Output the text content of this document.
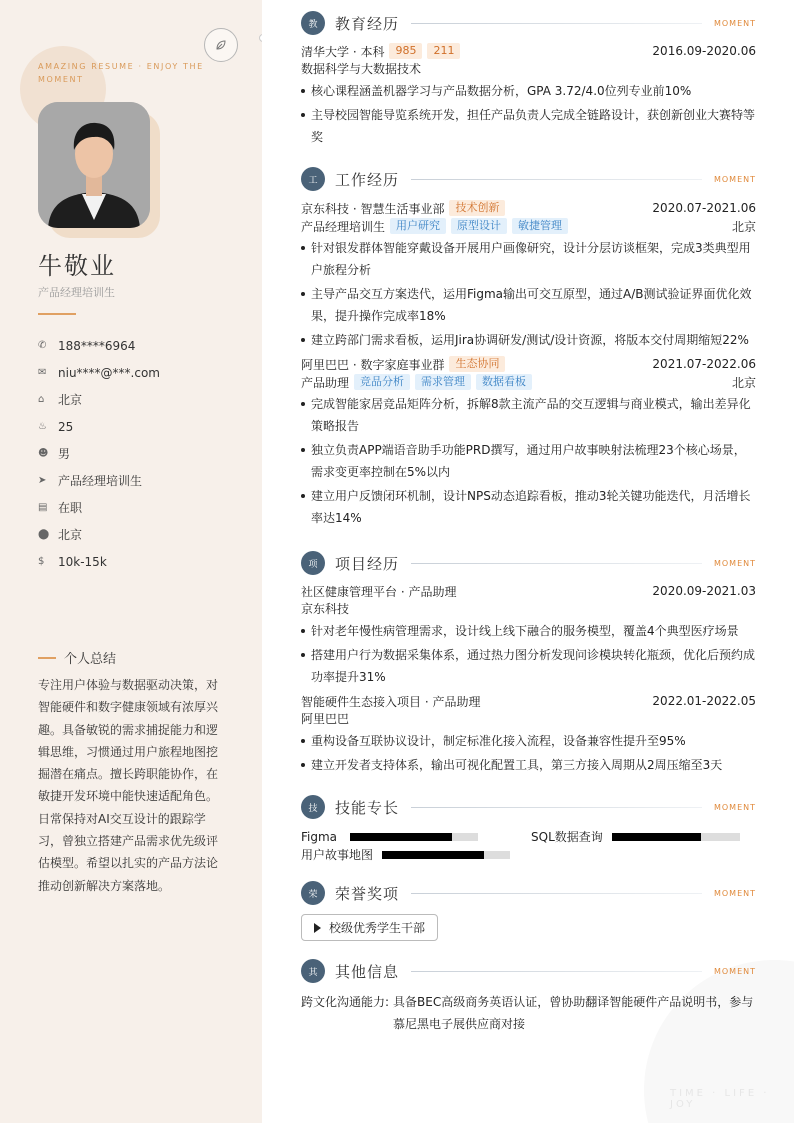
AMAZING RESUME · ENJOY THE MOMENT
牛敬业
产品经理培训生
✆ 188****6964
✉ niu****@***.com
⌂	北京
♨ 25
☻ 男
➤ 产品经理培训生
▤ 在职
⬤ 北京
$	10k-15k
个人总结
专注用户体验与数据驱动决策，对智能硬件和数字健康领域有浓厚兴趣。具备敏锐的需求捕捉能力和逻辑思维，习惯通过用户旅程地图挖掘潜在痛点。擅长跨职能协作，在敏捷开发环境中能快速适配角色。日常保持对AI交互设计的跟踪学习，曾独立搭建产品需求优先级评估模型。希望以扎实的产品方法论推动创新解决方案落地。
TIME · LIFE · JOY
教	教育经历	MOMENT
清华大学 · 本科	985	211	2016.09-2020.06
数据科学与大数据技术
核心课程涵盖机器学习与产品数据分析，GPA 3.72/4.0位列专业前10%
主导校园智能导览系统开发，担任产品负责人完成全链路设计，获创新创业大赛特等奖
工	工作经历	MOMENT
京东科技 · 智慧生活事业部	技术创新	2020.07-2021.06
产品经理培训生	用户研究	原型设计	敏捷管理	北京
针对银发群体智能穿戴设备开展用户画像研究，设计分层访谈框架，完成3类典型用户旅程分析
主导产品交互方案迭代，运用Figma输出可交互原型，通过A/B测试验证界面优化效果，提升操作完成率18%
建立跨部门需求看板，运用Jira协调研发/测试/设计资源，将版本交付周期缩短22%
阿里巴巴 · 数字家庭事业群	生态协同	2021.07-2022.06
产品助理	竞品分析	需求管理	数据看板	北京
完成智能家居竞品矩阵分析，拆解8款主流产品的交互逻辑与商业模式，输出差异化策略报告
独立负责APP端语音助手功能PRD撰写，通过用户故事映射法梳理23个核心场景，需求变更率控制在5%以内
建立用户反馈闭环机制，设计NPS动态追踪看板，推动3轮关键功能迭代，月活增长率达14%
项	项目经历	MOMENT
社区健康管理平台 · 产品助理	2020.09-2021.03
京东科技
针对老年慢性病管理需求，设计线上线下融合的服务模型，覆盖4个典型医疗场景
搭建用户行为数据采集体系，通过热力图分析发现问诊模块转化瓶颈，优化后预约成功率提升31%
智能硬件生态接入项目 · 产品助理	2022.01-2022.05
阿里巴巴
重构设备互联协议设计，制定标准化接入流程，设备兼容性提升至95%
建立开发者支持体系，输出可视化配置工具，第三方接入周期从2周压缩至3天
技	技能专长	MOMENT
Figma	SQL数据查询
用户故事地图
荣	荣誉奖项	MOMENT
校级优秀学生干部
其	其他信息	MOMENT
跨文化沟通能力: 具备BEC高级商务英语认证，曾协助翻译智能硬件产品说明书，参与慕尼黑电子展供应商对接
